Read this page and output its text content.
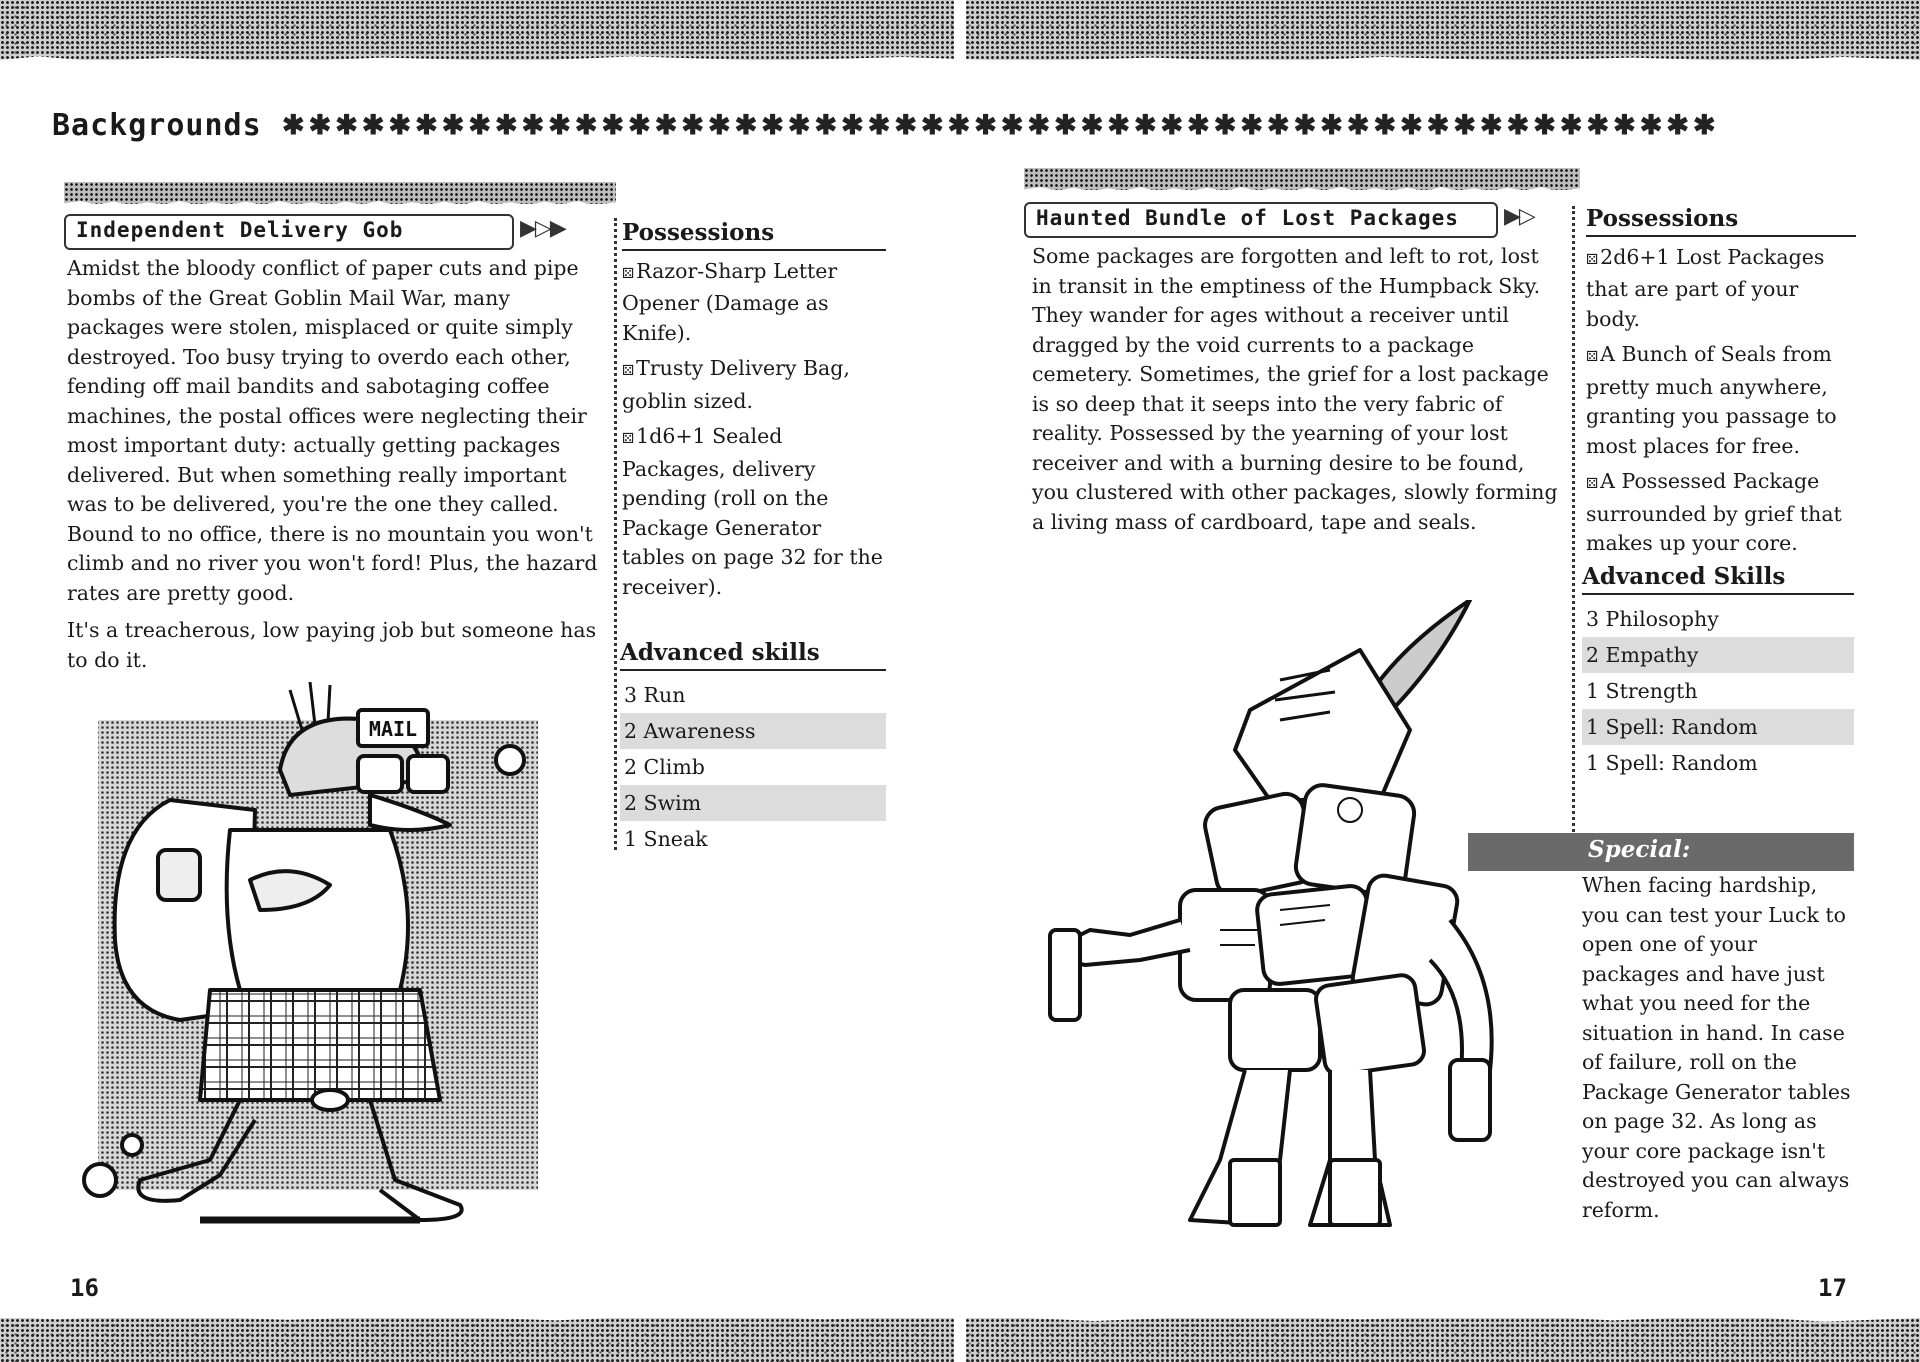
Backgrounds ✱✱✱✱✱✱✱✱✱✱✱✱✱✱✱✱✱✱✱✱✱✱✱✱✱✱✱✱✱✱✱✱✱✱✱✱✱✱✱✱✱✱✱✱✱✱✱✱✱✱✱✱✱✱
Independent Delivery Gob	▶▷▶

Amidst the bloody conflict of paper cuts and pipe bombs of the Great Goblin Mail War, many packages were stolen, misplaced or quite simply destroyed. Too busy trying to overdo each other, fending off mail bandits and sabotaging coffee machines, the postal offices were neglecting their most important duty: actually getting packages delivered. But when something really important was to be delivered, you're the one they called. Bound to no office, there is no mountain you won't climb and no river you won't ford! Plus, the hazard rates are pretty good.

It's a treacherous, low paying job but someone has to do it.

Possessions
⚄Razor-Sharp Letter Opener (Damage as Knife).
⚄Trusty Delivery Bag, goblin sized.
⚄1d6+1 Sealed Packages, delivery pending (roll on the Package Generator tables on page 32 for the receiver).
Advanced skills
3 Run
2 Awareness
2 Climb
2 Swim
1 Sneak
MAIL
16
Haunted Bundle of Lost Packages	▶▷

Some packages are forgotten and left to rot, lost in transit in the emptiness of the Humpback Sky. They wander for ages without a receiver until dragged by the void currents to a package cemetery. Sometimes, the grief for a lost package is so deep that it seeps into the very fabric of reality. Possessed by the yearning of your lost receiver and with a burning desire to be found, you clustered with other packages, slowly forming a living mass of cardboard, tape and seals.

Possessions
⚄2d6+1 Lost Packages that are part of your body.
⚄A Bunch of Seals from pretty much anywhere, granting you passage to most places for free.
⚄A Possessed Package surrounded by grief that makes up your core.
Advanced Skills
3 Philosophy
2 Empathy
1 Strength
1 Spell: Random
1 Spell: Random
Special:
When facing hardship, you can test your Luck to open one of your packages and have just what you need for the situation in hand. In case of failure, roll on the Package Generator tables on page 32. As long as your core package isn't destroyed you can always reform.
17
